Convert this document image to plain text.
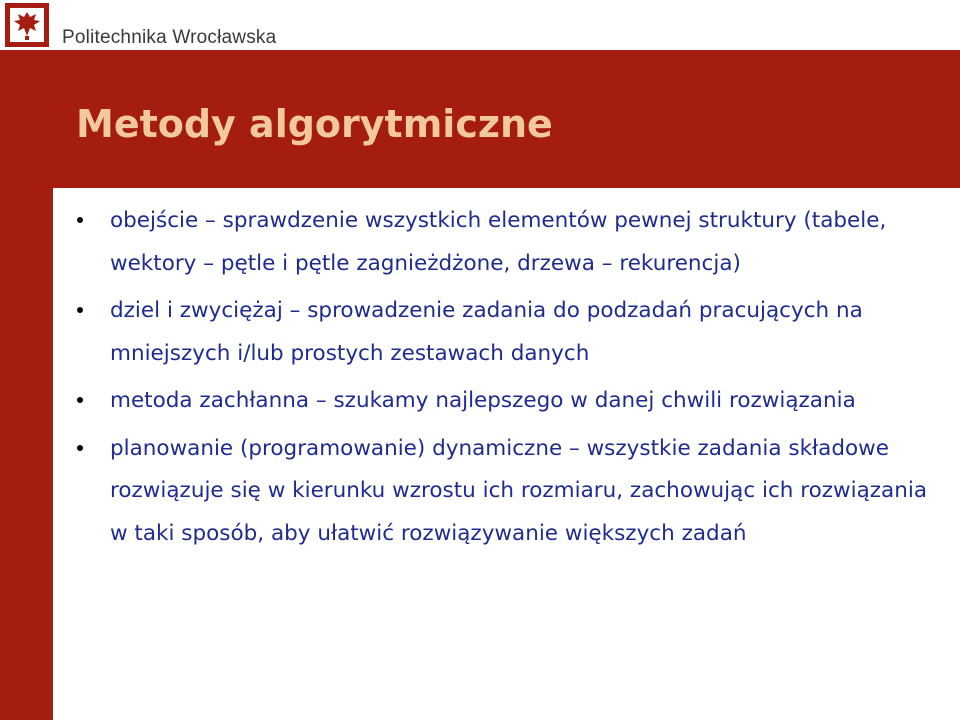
Politechnika Wrocławska
Metody algorytmiczne
obejście – sprawdzenie wszystkich elementów pewnej struktury (tabele, wektory – pętle i pętle zagnieżdżone, drzewa – rekurencja)
dziel i zwyciężaj – sprowadzenie zadania do podzadań pracujących na mniejszych i/lub prostych zestawach danych
metoda zachłanna – szukamy najlepszego w danej chwili rozwiązania
planowanie (programowanie) dynamiczne – wszystkie zadania składowe rozwiązuje się w kierunku wzrostu ich rozmiaru, zachowując ich rozwiązania w taki sposób, aby ułatwić rozwiązywanie większych zadań
